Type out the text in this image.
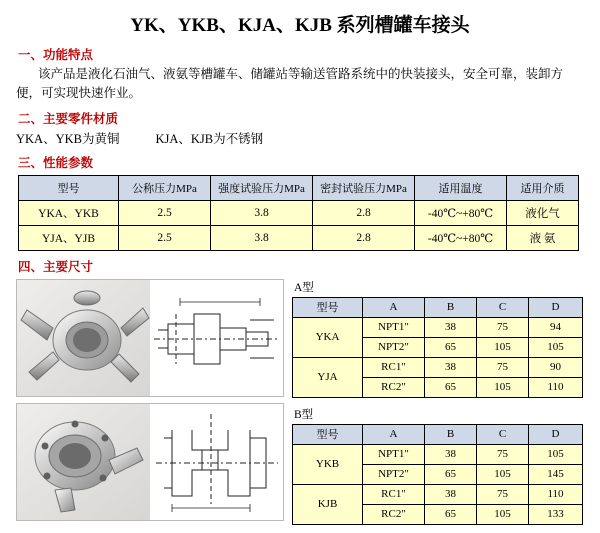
YK、YKB、KJA、KJB 系列槽罐车接头
一、功能特点
该产品是液化石油气、液氨等槽罐车、储罐站等输送管路系统中的快装接头，安全可靠，装卸方便，可实现快速作业。
二、主要零件材质
YKA、YKB为黄铜	KJA、KJB为不锈钢
三、性能参数
型号	公称压力MPa	强度试验压力MPa	密封试验压力MPa	适用温度	适用介质
YKA、YKB	2.5	3.8	2.8	-40℃~+80℃	液化气
YJA、YJB	2.5	3.8	2.8	-40℃~+80℃	液 氨
四、主要尺寸
A型
型号	A	B	C	D
YKA	NPT1"	38	75	94
	NPT2"	65	105	105
YJA	RC1"	38	75	90
	RC2"	65	105	110
B型
型号	A	B	C	D
YKB	NPT1"	38	75	105
	NPT2"	65	105	145
KJB	RC1"	38	75	110
	RC2"	65	105	133
